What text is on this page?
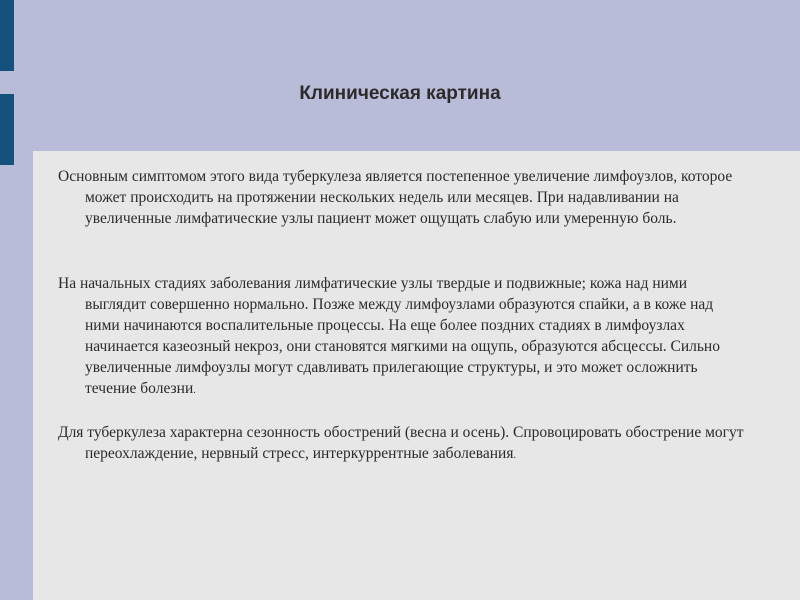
Клиническая картина

Основным симптомом этого вида туберкулеза является постепенное увеличение лимфоузлов, которое может происходить на протяжении нескольких недель или месяцев. При надавливании на увеличенные лимфатические узлы пациент может ощущать слабую или умеренную боль.

На начальных стадиях заболевания лимфатические узлы твердые и подвижные; кожа над ними выглядит совершенно нормально. Позже между лимфоузлами образуются спайки, а в коже над ними начинаются воспалительные процессы. На еще более поздних стадиях в лимфоузлах начинается казеозный некроз, они становятся мягкими на ощупь, образуются абсцессы. Сильно увеличенные лимфоузлы могут сдавливать прилегающие структуры, и это может осложнить течение болезни.

Для туберкулеза характерна сезонность обострений (весна и осень). Спровоцировать обострение могут переохлаждение, нервный стресс, интеркуррентные заболевания.
